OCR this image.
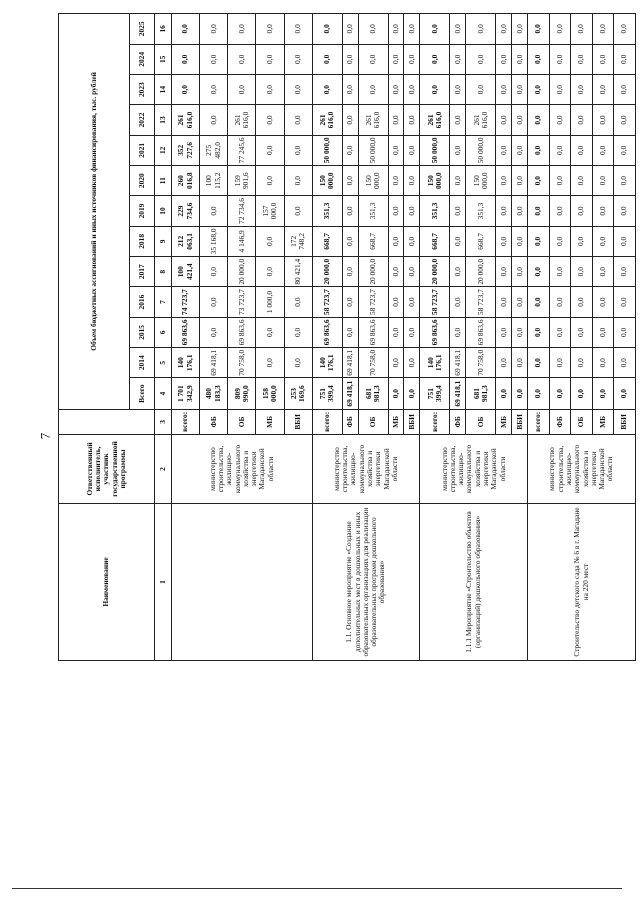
7
Наименование	Ответственный исполнитель, участник государственной программы		Объем бюджетных ассигнований и иных источников финансирования, тыс. рублей												
			Всего	2014	2015	2016	2017	2018	2019	2020	2021	2022	2023	2024	2025
1	2	3	4	5	6	7	8	9	10	11	12	13	14	15	16
	министерство строительства, жилищно-коммунального хозяйства и энергетики Магаданской области	всего:	1 701 342,9	140 176,1	69 863,6	74 723,7	100 421,4	212 063,1	229 734,6	260 016,8	352 727,6	261 616,0	0,0	0,0	0,0
		ФБ	480 183,3	69 418,1	0,0	0,0	0,0	35 168,0	0,0	100 115,2	275 482,0	0,0	0,0	0,0	0,0
		ОБ	809 990,0	70 758,0	69 863,6	73 723,7	20 000,0	4 146,9	72 734,6	159 901,6	77 245,6	261 616,0	0,0	0,0	0,0
		МБ	158 000,0	0,0	0,0	1 000,0	0,0	0,0	157 000,0	0,0	0,0	0,0	0,0	0,0	0,0
		ВБИ	253 169,6	0,0	0,0	0,0	80 421,4	172 748,2	0,0	0,0	0,0	0,0	0,0	0,0	0,0
1.1. Основное мероприятие «Создание дополнительных мест в дошкольных и иных образовательных организациях для реализации образовательных программ дошкольного образования»	министерство строительства, жилищно-коммунального хозяйства и энергетики Магаданской области	всего:	751 399,4	140 176,1	69 863,6	58 723,7	20 000,0	668,7	351,3	150 000,0	50 000,0	261 616,0	0,0	0,0	0,0
		ФБ	69 418,1	69 418,1	0,0	0,0	0,0	0,0	0,0	0,0	0,0	0,0	0,0	0,0	0,0
		ОБ	681 981,3	70 758,0	69 863,6	58 723,7	20 000,0	668,7	351,3	150 000,0	50 000,0	261 616,0	0,0	0,0	0,0
		МБ	0,0	0,0	0,0	0,0	0,0	0,0	0,0	0,0	0,0	0,0	0,0	0,0	0,0
		ВБИ	0,0	0,0	0,0	0,0	0,0	0,0	0,0	0,0	0,0	0,0	0,0	0,0	0,0
1.1.1 Мероприятие «Строительство объектов (организаций) дошкольного образования»	министерство строительства, жилищно-коммунального хозяйства и энергетики Магаданской области	всего:	751 399,4	140 176,1	69 863,6	58 723,7	20 000,0	668,7	351,3	150 000,0	50 000,0	261 616,0	0,0	0,0	0,0
		ФБ	69 418,1	69 418,1	0,0	0,0	0,0	0,0	0,0	0,0	0,0	0,0	0,0	0,0	0,0
		ОБ	681 981,3	70 758,0	69 863,6	58 723,7	20 000,0	668,7	351,3	150 000,0	50 000,0	261 616,0	0,0	0,0	0,0
		МБ	0,0	0,0	0,0	0,0	0,0	0,0	0,0	0,0	0,0	0,0	0,0	0,0	0,0
		ВБИ	0,0	0,0	0,0	0,0	0,0	0,0	0,0	0,0	0,0	0,0	0,0	0,0	0,0
Строительство детского сада № 6 в г. Магадане на 220 мест	министерство строительства, жилищно-коммунального хозяйства и энергетики Магаданской области	всего:	0,0	0,0	0,0	0,0	0,0	0,0	0,0	0,0	0,0	0,0	0,0	0,0	0,0
		ФБ	0,0	0,0	0,0	0,0	0,0	0,0	0,0	0,0	0,0	0,0	0,0	0,0	0,0
		ОБ	0,0	0,0	0,0	0,0	0,0	0,0	0,0	0,0	0,0	0,0	0,0	0,0	0,0
		МБ	0,0	0,0	0,0	0,0	0,0	0,0	0,0	0,0	0,0	0,0	0,0	0,0	0,0
		ВБИ	0,0	0,0	0,0	0,0	0,0	0,0	0,0	0,0	0,0	0,0	0,0	0,0	0,0
